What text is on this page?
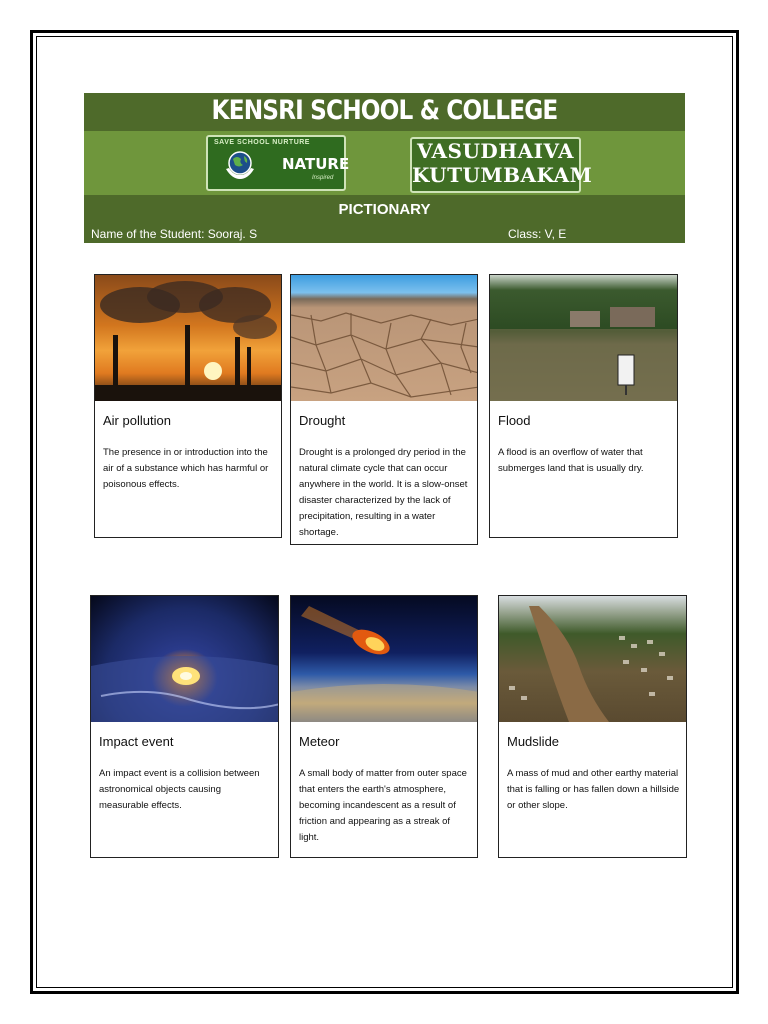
KENSRI SCHOOL & COLLEGE
SAVE SCHOOL NURTURE
NATURE
Inspired
VASUDHAIVA
KUTUMBAKAM
PICTIONARY
Name of the Student: Sooraj. S	Class: V, E
Air pollution
The presence in or introduction into the air of a substance which has harmful or poisonous effects.
Drought
Drought is a prolonged dry period in the natural climate cycle that can occur anywhere in the world. It is a slow-onset disaster characterized by the lack of precipitation, resulting in a water shortage.
Flood
A flood is an overflow of water that submerges land that is usually dry.
Impact event
An impact event is a collision between astronomical objects causing measurable effects.
Meteor
A small body of matter from outer space that enters the earth's atmosphere, becoming incandescent as a result of friction and appearing as a streak of light.
Mudslide
A mass of mud and other earthy material that is falling or has fallen down a hillside or other slope.
